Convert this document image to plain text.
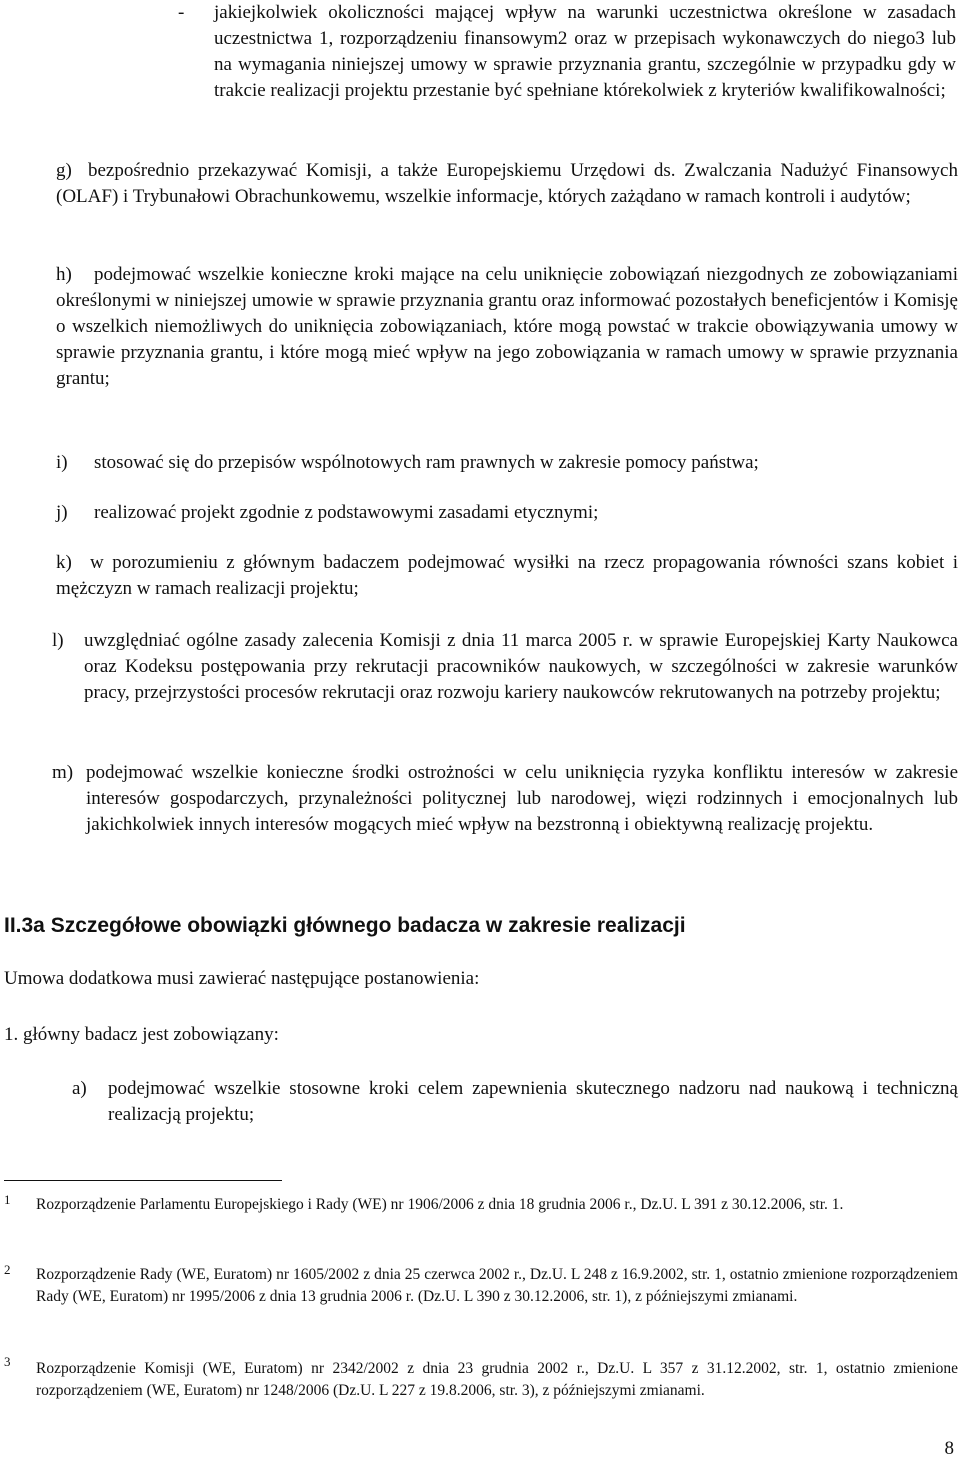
- jakiejkolwiek okoliczności mającej wpływ na warunki uczestnictwa określone w zasadach uczestnictwa 1, rozporządzeniu finansowym2 oraz w przepisach wykonawczych do niego3 lub na wymagania niniejszej umowy w sprawie przyznania grantu, szczególnie w przypadku gdy w trakcie realizacji projektu przestanie być spełniane którekolwiek z kryteriów kwalifikowalności;
g) bezpośrednio przekazywać Komisji, a także Europejskiemu Urzędowi ds. Zwalczania Nadużyć Finansowych (OLAF) i Trybunałowi Obrachunkowemu, wszelkie informacje, których zażądano w ramach kontroli i audytów;
h)	podejmować wszelkie konieczne kroki mające na celu uniknięcie zobowiązań niezgodnych ze zobowiązaniami określonymi w niniejszej umowie w sprawie przyznania grantu oraz informować pozostałych beneficjentów i Komisję o wszelkich niemożliwych do uniknięcia zobowiązaniach, które mogą powstać w trakcie obowiązywania umowy w sprawie przyznania grantu, i które mogą mieć wpływ na jego zobowiązania w ramach umowy w sprawie przyznania grantu;
i) stosować się do przepisów wspólnotowych ram prawnych w zakresie pomocy państwa;
j) realizować projekt zgodnie z podstawowymi zasadami etycznymi;
k) w porozumieniu z głównym badaczem podejmować wysiłki na rzecz propagowania równości szans kobiet i mężczyzn w ramach realizacji projektu;
l) uwzględniać ogólne zasady zalecenia Komisji z dnia 11 marca 2005 r. w sprawie Europejskiej Karty Naukowca oraz Kodeksu postępowania przy rekrutacji pracowników naukowych, w szczególności w zakresie warunków pracy, przejrzystości procesów rekrutacji oraz rozwoju kariery naukowców rekrutowanych na potrzeby projektu;
m) podejmować wszelkie konieczne środki ostrożności w celu uniknięcia ryzyka konfliktu interesów w zakresie interesów gospodarczych, przynależności politycznej lub narodowej, więzi rodzinnych i emocjonalnych lub jakichkolwiek innych interesów mogących mieć wpływ na bezstronną i obiektywną realizację projektu.
II.3a Szczegółowe obowiązki głównego badacza w zakresie realizacji
Umowa dodatkowa musi zawierać następujące postanowienia:
1. główny badacz jest zobowiązany:
a) podejmować wszelkie stosowne kroki celem zapewnienia skutecznego nadzoru nad naukową i techniczną realizacją projektu;
1 Rozporządzenie Parlamentu Europejskiego i Rady (WE) nr 1906/2006 z dnia 18 grudnia 2006 r., Dz.U. L 391 z 30.12.2006, str. 1.
2 Rozporządzenie Rady (WE, Euratom) nr 1605/2002 z dnia 25 czerwca 2002 r., Dz.U. L 248 z 16.9.2002, str. 1, ostatnio zmienione rozporządzeniem Rady (WE, Euratom) nr 1995/2006 z dnia 13 grudnia 2006 r. (Dz.U. L 390 z 30.12.2006, str. 1), z późniejszymi zmianami.
3 Rozporządzenie Komisji (WE, Euratom) nr 2342/2002 z dnia 23 grudnia 2002 r., Dz.U. L 357 z 31.12.2002, str. 1, ostatnio zmienione rozporządzeniem (WE, Euratom) nr 1248/2006 (Dz.U. L 227 z 19.8.2006, str. 3), z późniejszymi zmianami.
8
